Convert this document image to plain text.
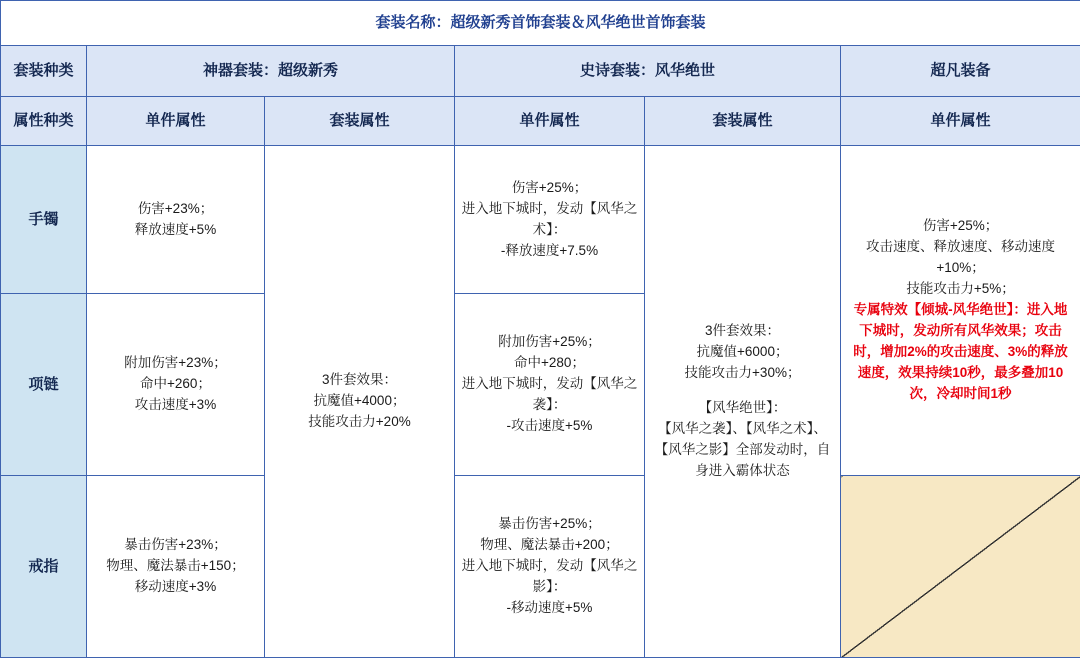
套装名称：超级新秀首饰套装＆风华绝世首饰套装					
套装种类	神器套装：超级新秀		史诗套装：风华绝世		超凡装备
属性种类	单件属性	套装属性	单件属性	套装属性	单件属性
手镯	伤害+23%；
释放速度+5%	3件套效果：
抗魔值+4000；
技能攻击力+20%	伤害+25%；
进入地下城时，发动【风华之术】：
-释放速度+7.5%	3件套效果：
抗魔值+6000；
技能攻击力+30%；

【风华绝世】：
【风华之袭】、【风华之术】、【风华之影】全部发动时，自身进入霸体状态	伤害+25%；
攻击速度、释放速度、移动速度+10%；
技能攻击力+5%；
专属特效【倾城-风华绝世】：进入地下城时，发动所有风华效果；攻击时，增加2%的攻击速度、3%的释放速度，效果持续10秒，最多叠加10次，冷却时间1秒

项链	附加伤害+23%；
命中+260；
攻击速度+3%		附加伤害+25%；
命中+280；
进入地下城时，发动【风华之袭】：
-攻击速度+5%		

戒指	暴击伤害+23%；
物理、魔法暴击+150；
移动速度+3%		暴击伤害+25%；
物理、魔法暴击+200；
进入地下城时，发动【风华之影】：
-移动速度+5%		
